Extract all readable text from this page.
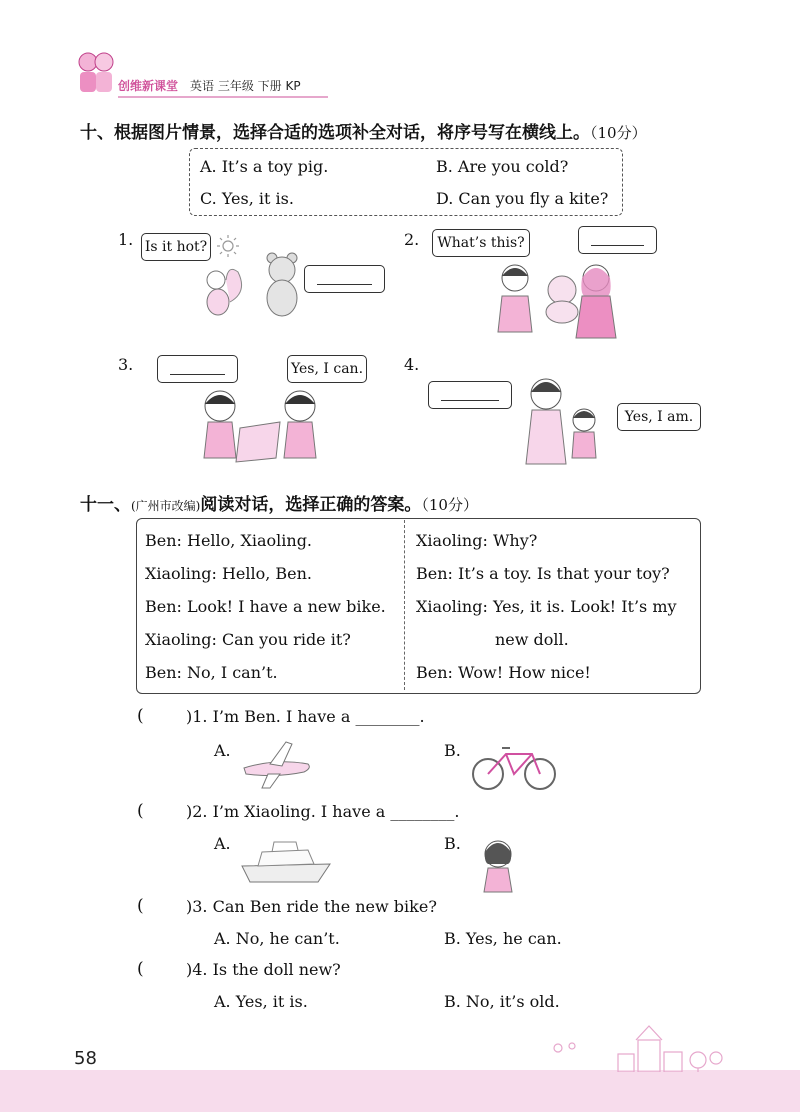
创维新课堂 英语 三年级 下册 KP
十、根据图片情景，选择合适的选项补全对话，将序号写在横线上。（10分）
A. It’s a toy pig.	B. Are you cold?
C. Yes, it is.	D. Can you fly a kite?
1. Is it hot?	2.	What’s this?
3.	Yes, I can.	4.
Yes, I am.
十一、(广州市改编)阅读对话，选择正确的答案。（10分）
Ben: Hello, Xiaoling.
Xiaoling: Hello, Ben.
Ben: Look! I have a new bike.
Xiaoling: Can you ride it?
Ben: No, I can’t.
Xiaoling: Why?
Ben: It’s a toy. Is that your toy?
Xiaoling: Yes, it is. Look! It’s my
new doll.
Ben: Wow! How nice!
(	)1. I’m Ben. I have a ________.
A.	B.
(	)2. I’m Xiaoling. I have a ________.
A.	B.
(	)3. Can Ben ride the new bike?
A. No, he can’t.	B. Yes, he can.
(	)4. Is the doll new?
A. Yes, it is.	B. No, it’s old.
58
